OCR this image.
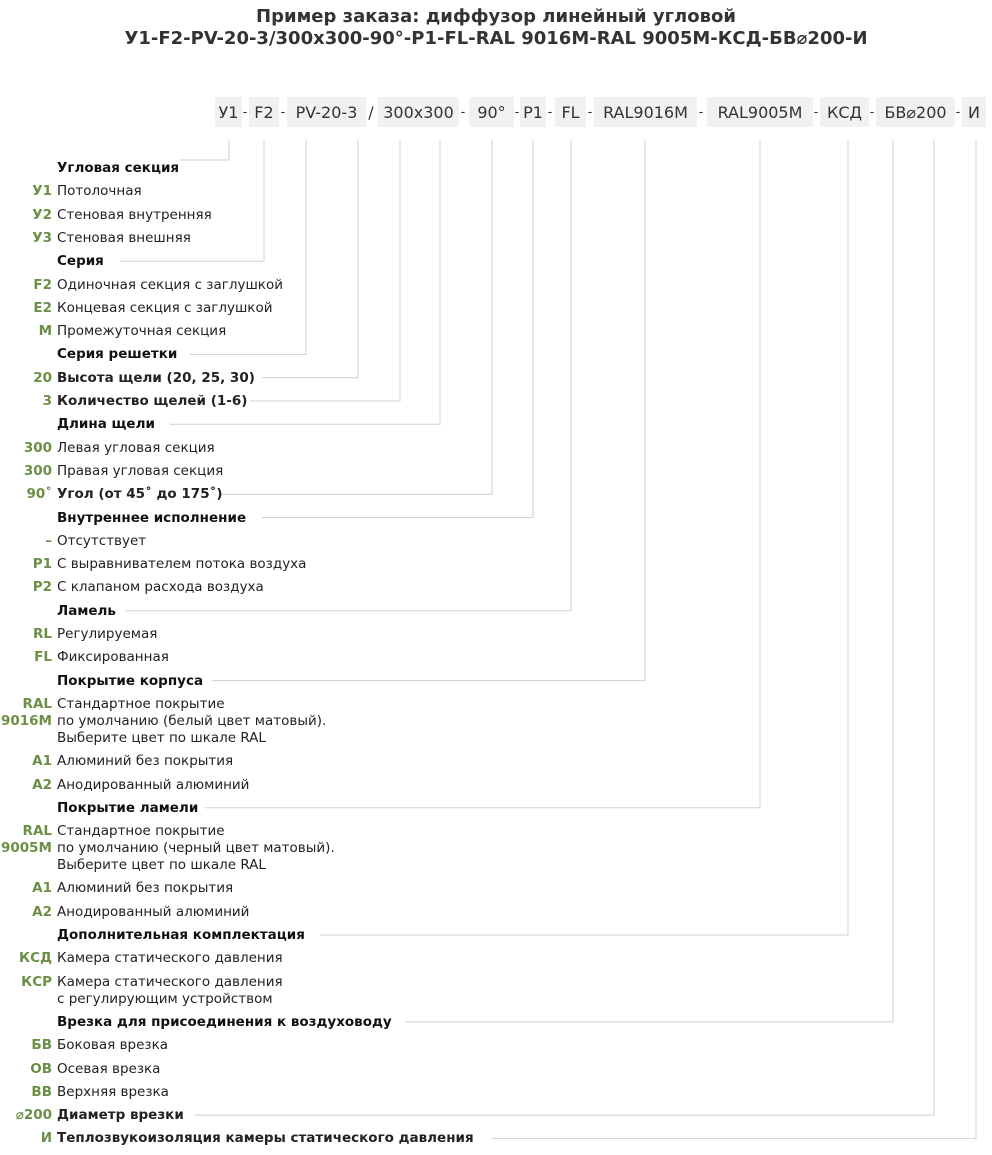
Пример заказа: диффузор линейный угловой
У1-F2-PV-20-3/300x300-90°-P1-FL-RAL 9016M-RAL 9005M-КСД-БВ⌀200-И
У1 F2	PV-20-3	300x300	90°	P1	FL	RAL9016M	RAL9005M	КСД	БВ⌀200	И
-	-	/	-	-	-	-	-	-	-	-
Угловая секция
У1 Потолочная
У2 Стеновая внутренняя
У3 Стеновая внешняя
Серия
F2 Одиночная секция с заглушкой
E2 Концевая секция с заглушкой
M Промежуточная секция
Серия решетки
20 Высота щели (20, 25, 30)
3 Количество щелей (1-6)
Длина щели
300 Левая угловая секция
300 Правая угловая секция
90˚ Угол (от 45˚ до 175˚)
Внутреннее исполнение
– Отсутствует
P1 С выравнивателем потока воздуха
P2 С клапаном расхода воздуха
Ламель
RL Регулируемая
FL Фиксированная
Покрытие корпуса
RAL
9016M
Стандартное покрытие
по умолчанию (белый цвет матовый).
Выберите цвет по шкале RAL
A1 Алюминий без покрытия
A2 Анодированный алюминий
Покрытие ламели
RAL
9005M
Стандартное покрытие
по умолчанию (черный цвет матовый).
Выберите цвет по шкале RAL
A1 Алюминий без покрытия
A2 Анодированный алюминий
Дополнительная комплектация
КСД Камера статического давления
КСР Камера статического давления
с регулирующим устройством
Врезка для присоединения к воздуховоду
БВ Боковая врезка
ОВ Осевая врезка
ВВ Верхняя врезка
⌀200 Диаметр врезки
И Теплозвукоизоляция камеры статического давления
